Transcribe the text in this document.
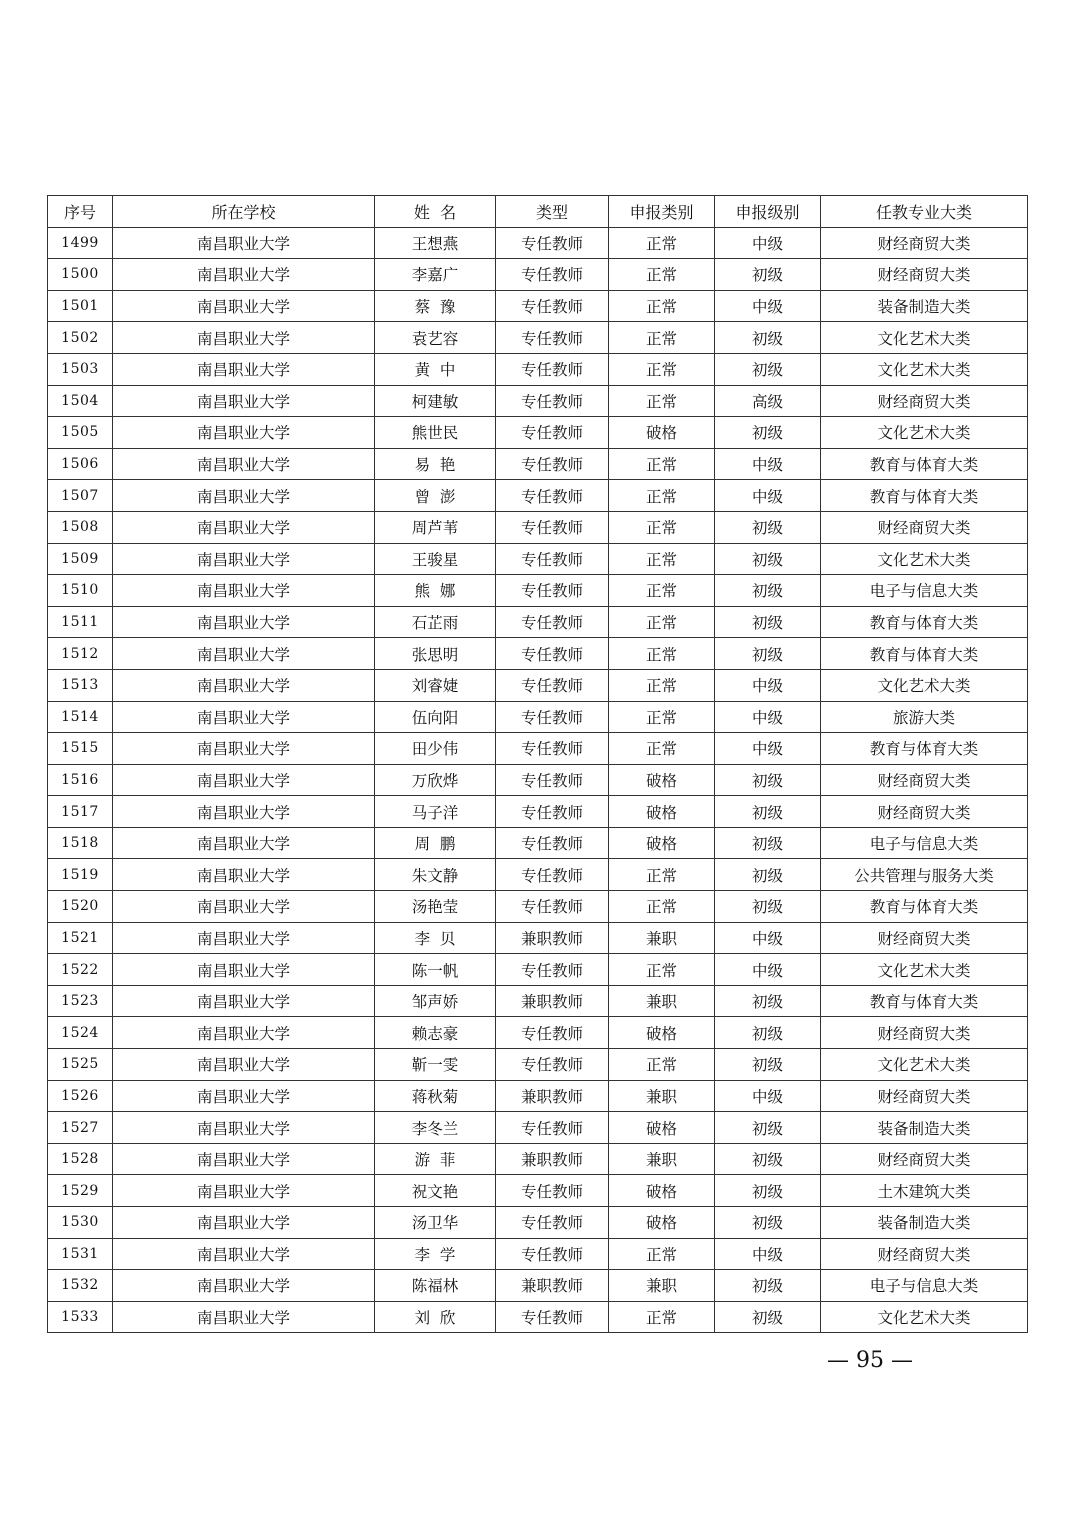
序号	所在学校	姓  名	类型	申报类别	申报级别	任教专业大类
1499	南昌职业大学	王想燕	专任教师	正常	中级	财经商贸大类
1500	南昌职业大学	李嘉广	专任教师	正常	初级	财经商贸大类
1501	南昌职业大学	蔡  豫	专任教师	正常	中级	装备制造大类
1502	南昌职业大学	袁艺容	专任教师	正常	初级	文化艺术大类
1503	南昌职业大学	黄  中	专任教师	正常	初级	文化艺术大类
1504	南昌职业大学	柯建敏	专任教师	正常	高级	财经商贸大类
1505	南昌职业大学	熊世民	专任教师	破格	初级	文化艺术大类
1506	南昌职业大学	易  艳	专任教师	正常	中级	教育与体育大类
1507	南昌职业大学	曾  澎	专任教师	正常	中级	教育与体育大类
1508	南昌职业大学	周芦苇	专任教师	正常	初级	财经商贸大类
1509	南昌职业大学	王骏星	专任教师	正常	初级	文化艺术大类
1510	南昌职业大学	熊  娜	专任教师	正常	初级	电子与信息大类
1511	南昌职业大学	石芷雨	专任教师	正常	初级	教育与体育大类
1512	南昌职业大学	张思明	专任教师	正常	初级	教育与体育大类
1513	南昌职业大学	刘睿婕	专任教师	正常	中级	文化艺术大类
1514	南昌职业大学	伍向阳	专任教师	正常	中级	旅游大类
1515	南昌职业大学	田少伟	专任教师	正常	中级	教育与体育大类
1516	南昌职业大学	万欣烨	专任教师	破格	初级	财经商贸大类
1517	南昌职业大学	马子洋	专任教师	破格	初级	财经商贸大类
1518	南昌职业大学	周  鹏	专任教师	破格	初级	电子与信息大类
1519	南昌职业大学	朱文静	专任教师	正常	初级	公共管理与服务大类
1520	南昌职业大学	汤艳莹	专任教师	正常	初级	教育与体育大类
1521	南昌职业大学	李  贝	兼职教师	兼职	中级	财经商贸大类
1522	南昌职业大学	陈一帆	专任教师	正常	中级	文化艺术大类
1523	南昌职业大学	邹声娇	兼职教师	兼职	初级	教育与体育大类
1524	南昌职业大学	赖志豪	专任教师	破格	初级	财经商贸大类
1525	南昌职业大学	靳一雯	专任教师	正常	初级	文化艺术大类
1526	南昌职业大学	蒋秋菊	兼职教师	兼职	中级	财经商贸大类
1527	南昌职业大学	李冬兰	专任教师	破格	初级	装备制造大类
1528	南昌职业大学	游  菲	兼职教师	兼职	初级	财经商贸大类
1529	南昌职业大学	祝文艳	专任教师	破格	初级	土木建筑大类
1530	南昌职业大学	汤卫华	专任教师	破格	初级	装备制造大类
1531	南昌职业大学	李  学	专任教师	正常	中级	财经商贸大类
1532	南昌职业大学	陈福林	兼职教师	兼职	初级	电子与信息大类
1533	南昌职业大学	刘  欣	专任教师	正常	初级	文化艺术大类
— 95 —
